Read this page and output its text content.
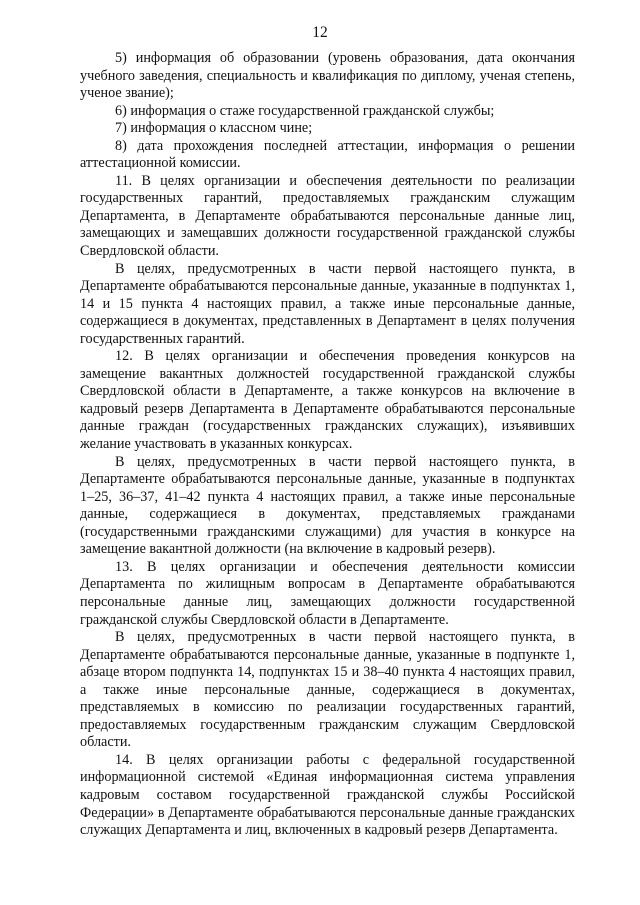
12

5) информация об образовании (уровень образования, дата окончания учебного заведения, специальность и квалификация по диплому, ученая степень, ученое звание);

6) информация о стаже государственной гражданской службы;

7) информация о классном чине;

8) дата прохождения последней аттестации, информация о решении аттестационной комиссии.

11. В целях организации и обеспечения деятельности по реализации государственных гарантий, предоставляемых гражданским служащим Департамента, в Департаменте обрабатываются персональные данные лиц, замещающих и замещавших должности государственной гражданской службы Свердловской области.

В целях, предусмотренных в части первой настоящего пункта, в Департаменте обрабатываются персональные данные, указанные в подпунктах 1, 14 и 15 пункта 4 настоящих правил, а также иные персональные данные, содержащиеся в документах, представленных в Департамент в целях получения государственных гарантий.

12. В целях организации и обеспечения проведения конкурсов на замещение вакантных должностей государственной гражданской службы Свердловской области в Департаменте, а также конкурсов на включение в кадровый резерв Департамента в Департаменте обрабатываются персональные данные граждан (государственных гражданских служащих), изъявивших желание участвовать в указанных конкурсах.

В целях, предусмотренных в части первой настоящего пункта, в Департаменте обрабатываются персональные данные, указанные в подпунктах 1–25, 36–37, 41–42 пункта 4 настоящих правил, а также иные персональные данные, содержащиеся в документах, представляемых гражданами (государственными гражданскими служащими) для участия в конкурсе на замещение вакантной должности (на включение в кадровый резерв).

13. В целях организации и обеспечения деятельности комиссии Департамента по жилищным вопросам в Департаменте обрабатываются персональные данные лиц, замещающих должности государственной гражданской службы Свердловской области в Департаменте.

В целях, предусмотренных в части первой настоящего пункта, в Департаменте обрабатываются персональные данные, указанные в подпункте 1, абзаце втором подпункта 14, подпунктах 15 и 38–40 пункта 4 настоящих правил, а также иные персональные данные, содержащиеся в документах, представляемых в комиссию по реализации государственных гарантий, предоставляемых государственным гражданским служащим Свердловской области.

14. В целях организации работы с федеральной государственной информационной системой «Единая информационная система управления кадровым составом государственной гражданской службы Российской Федерации» в Департаменте обрабатываются персональные данные гражданских служащих Департамента и лиц, включенных в кадровый резерв Департамента.
